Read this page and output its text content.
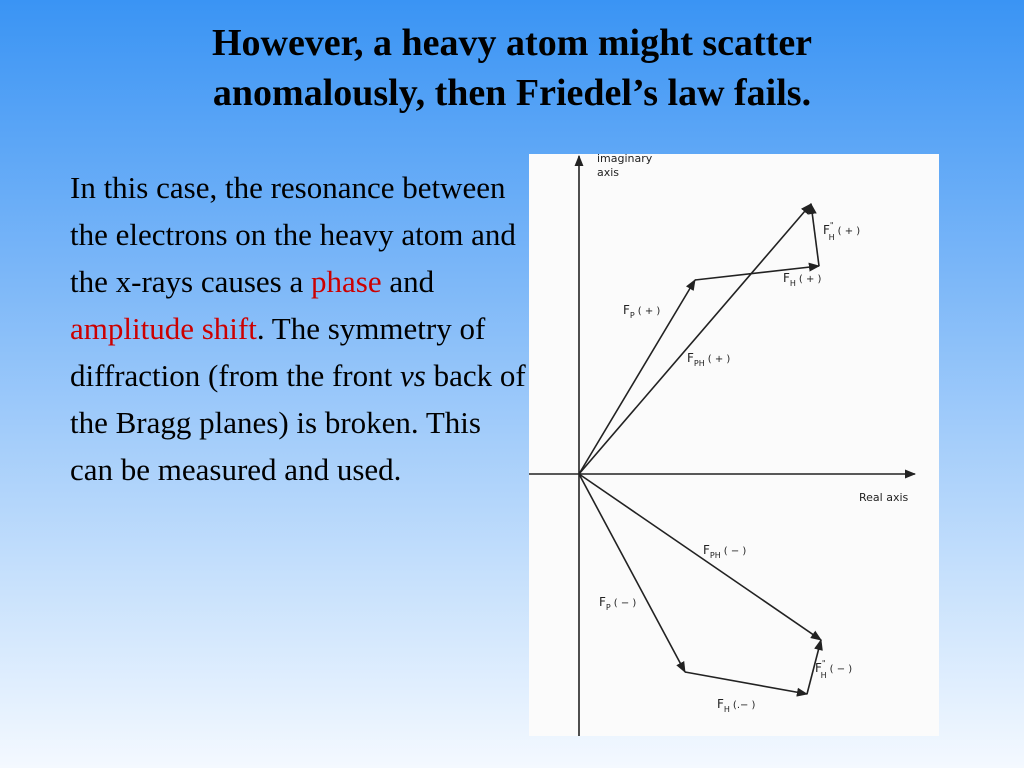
However, a heavy atom might scatter
anomalously, then Friedel’s law fails.
In this case, the resonance between the electrons on the heavy atom and the x-rays causes a phase and amplitude shift. The symmetry of diffraction (from the front vs back of the Bragg planes) is broken. This can be measured and used.
imaginary
axis
Real axis
F" H( + )
$F_H$ ( + )
$F_P$ ( + )
$F_{PH}$ ( + )
$F_{PH}$ ( − )
$F_P$ ( − )
F" H( − )
$F_H$ (.− )
